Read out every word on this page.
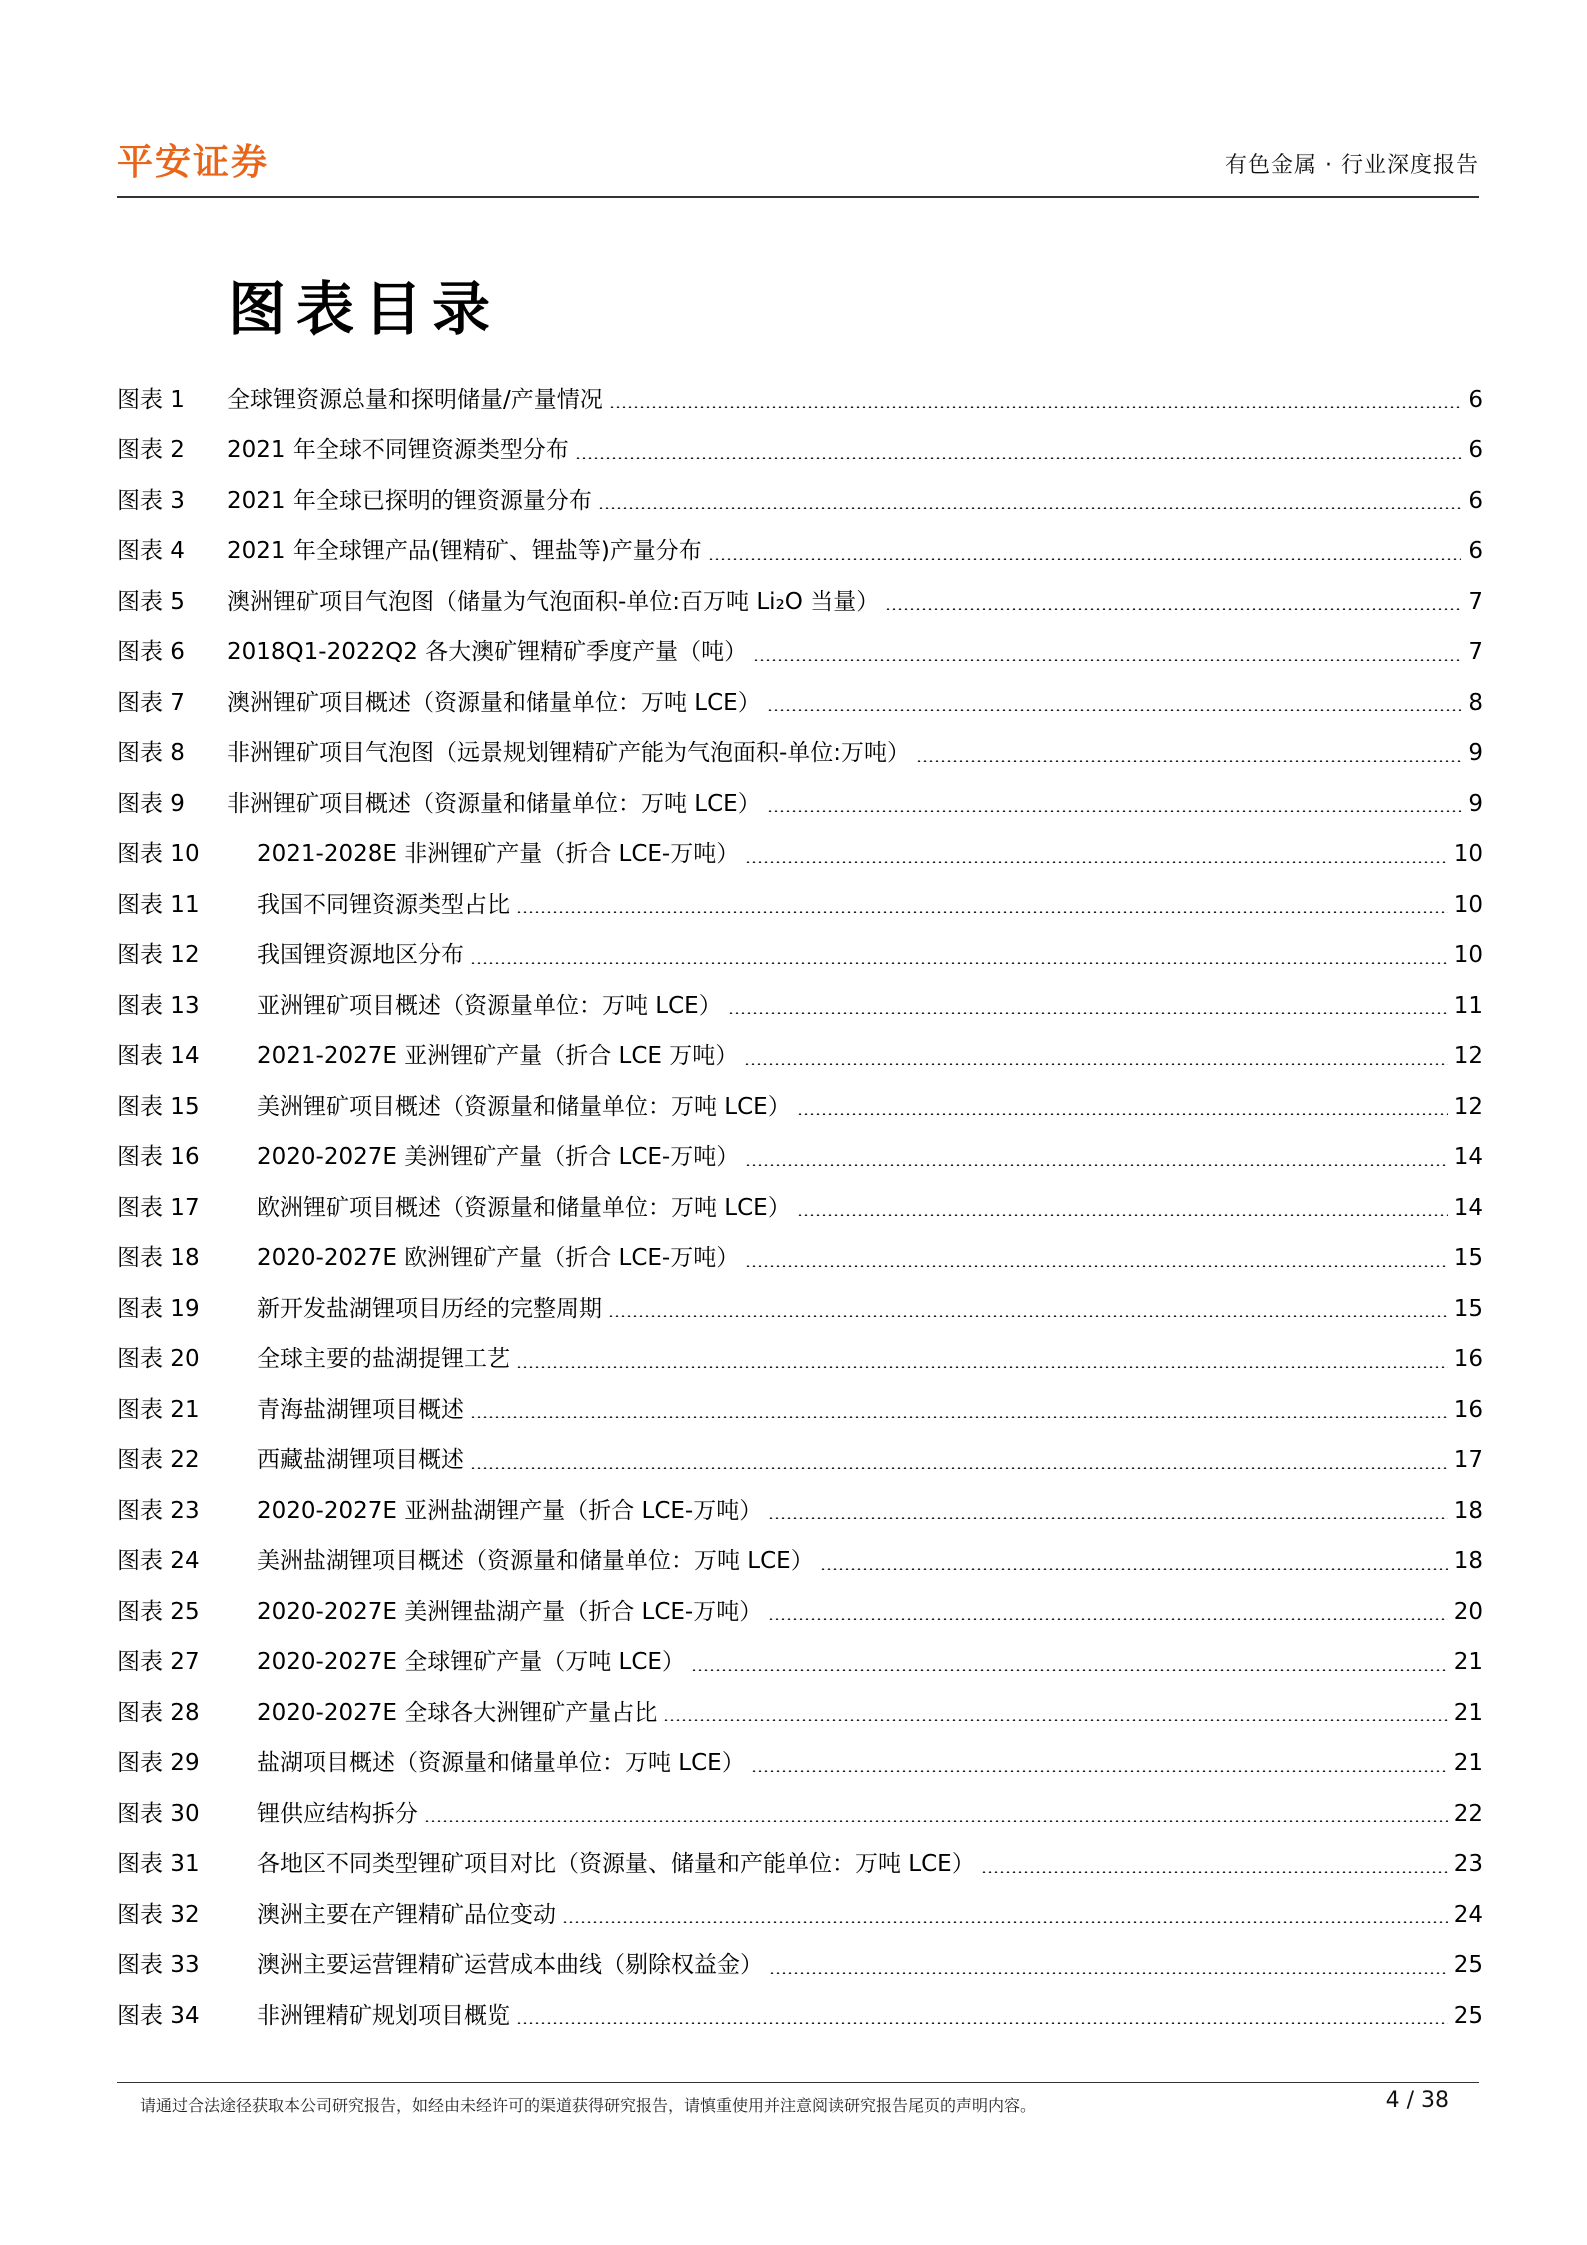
平安证券	有色金属 · 行业深度报告
图表目录
图表 1	全球锂资源总量和探明储量/产量情况	6
图表 2	2021 年全球不同锂资源类型分布	6
图表 3	2021 年全球已探明的锂资源量分布	6
图表 4	2021 年全球锂产品(锂精矿、锂盐等)产量分布	6
图表 5	澳洲锂矿项目气泡图（储量为气泡面积-单位:百万吨 Li₂O 当量）	7
图表 6	2018Q1-2022Q2 各大澳矿锂精矿季度产量（吨）	7
图表 7	澳洲锂矿项目概述（资源量和储量单位：万吨 LCE）	8
图表 8	非洲锂矿项目气泡图（远景规划锂精矿产能为气泡面积-单位:万吨）	9
图表 9	非洲锂矿项目概述（资源量和储量单位：万吨 LCE）	9
图表 10	2021-2028E 非洲锂矿产量（折合 LCE-万吨）	10
图表 11	我国不同锂资源类型占比	10
图表 12	我国锂资源地区分布	10
图表 13	亚洲锂矿项目概述（资源量单位：万吨 LCE）	11
图表 14	2021-2027E 亚洲锂矿产量（折合 LCE 万吨）	12
图表 15	美洲锂矿项目概述（资源量和储量单位：万吨 LCE）	12
图表 16	2020-2027E 美洲锂矿产量（折合 LCE-万吨）	14
图表 17	欧洲锂矿项目概述（资源量和储量单位：万吨 LCE）	14
图表 18	2020-2027E 欧洲锂矿产量（折合 LCE-万吨）	15
图表 19	新开发盐湖锂项目历经的完整周期	15
图表 20	全球主要的盐湖提锂工艺	16
图表 21	青海盐湖锂项目概述	16
图表 22	西藏盐湖锂项目概述	17
图表 23	2020-2027E 亚洲盐湖锂产量（折合 LCE-万吨）	18
图表 24	美洲盐湖锂项目概述（资源量和储量单位：万吨 LCE）	18
图表 25	2020-2027E 美洲锂盐湖产量（折合 LCE-万吨）	20
图表 27	2020-2027E 全球锂矿产量（万吨 LCE）	21
图表 28	2020-2027E 全球各大洲锂矿产量占比	21
图表 29	盐湖项目概述（资源量和储量单位：万吨 LCE）	21
图表 30	锂供应结构拆分	22
图表 31	各地区不同类型锂矿项目对比（资源量、储量和产能单位：万吨 LCE）	23
图表 32	澳洲主要在产锂精矿品位变动	24
图表 33	澳洲主要运营锂精矿运营成本曲线（剔除权益金）	25
图表 34	非洲锂精矿规划项目概览	25
请通过合法途径获取本公司研究报告，如经由未经许可的渠道获得研究报告，请慎重使用并注意阅读研究报告尾页的声明内容。	4 / 38
